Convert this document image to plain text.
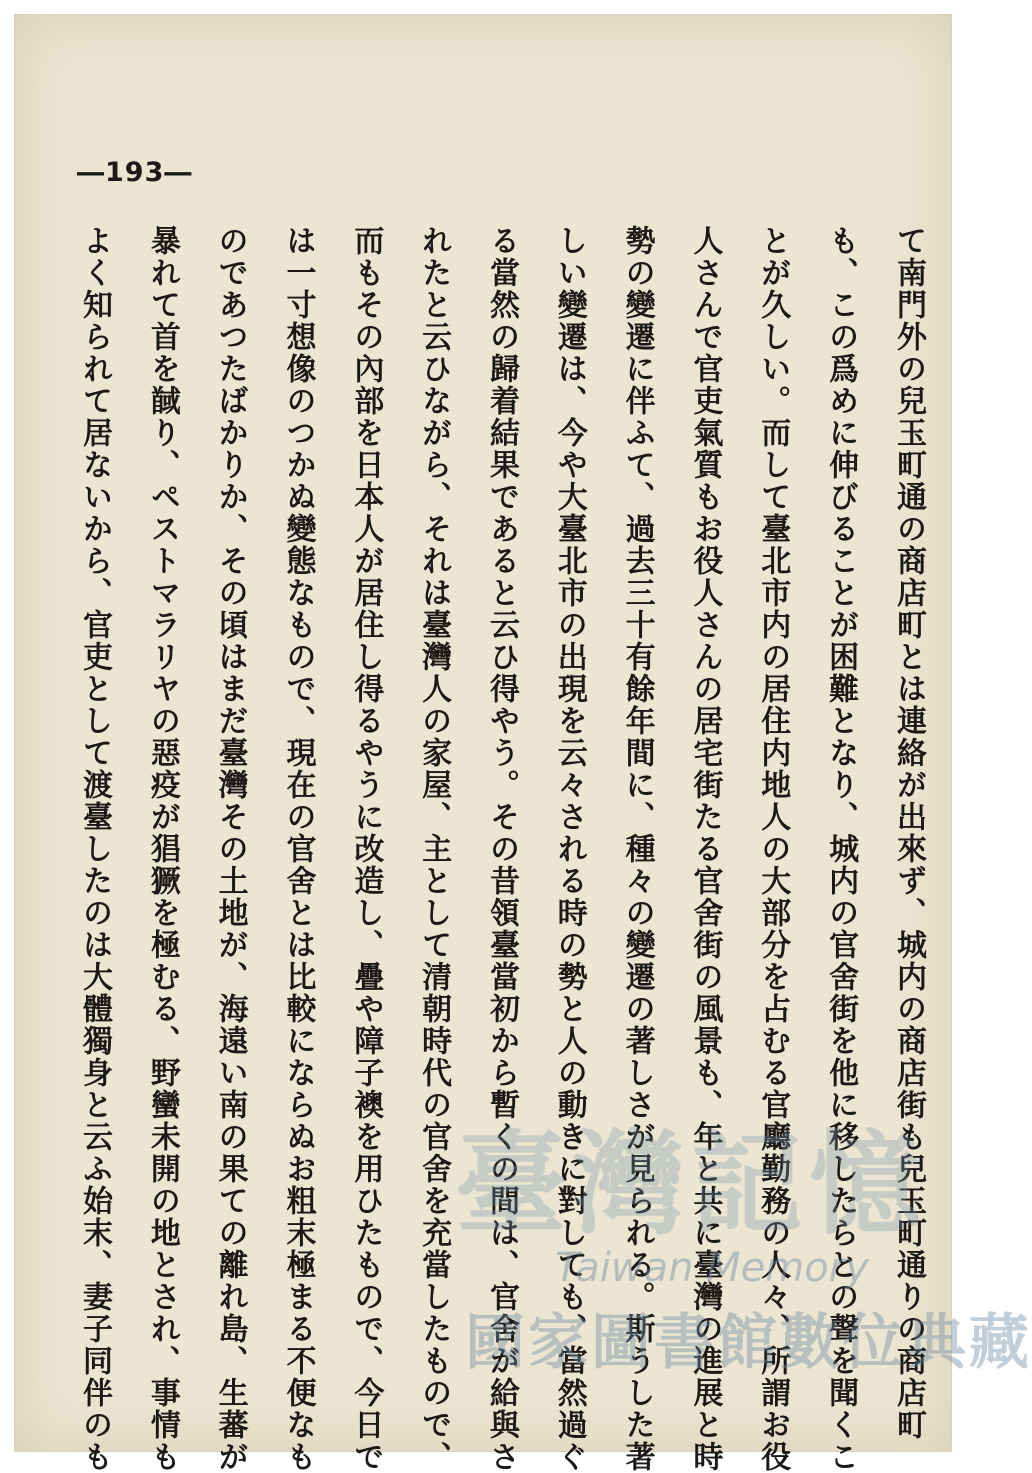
―193―
て南門外の兒玉町通の商店町とは連絡が出來ず、城内の商店街も兒玉町通りの商店町
も、この爲めに伸びることが困難となり、城内の官舍街を他に移したらとの聲を聞くこ
とが久しい。而して臺北市内の居住内地人の大部分を占むる官廳勤務の人々、所謂お役
人さんで官吏氣質もお役人さんの居宅街たる官舍街の風景も、年と共に臺灣の進展と時
勢の變遷に伴ふて、過去三十有餘年間に、種々の變遷の著しさが見られる。斯うした著
しい變遷は、今や大臺北市の出現を云々される時の勢と人の動きに對しても、當然過ぐ
る當然の歸着結果であると云ひ得やう。その昔領臺當初から暫くの間は、官舍が給與さ
れたと云ひながら、それは臺灣人の家屋、主として清朝時代の官舍を充當したもので、
而もその內部を日本人が居住し得るやうに改造し、疊や障子襖を用ひたもので、今日で
は一寸想像のつかぬ變態なもので、現在の官舍とは比較にならぬお粗末極まる不便なも
のであつたばかりか、その頃はまだ臺灣その土地が、海遠い南の果ての離れ島、生蕃が
暴れて首を馘り、ペストマラリヤの惡疫が猖獗を極むる、野蠻未開の地とされ、事情も
よく知られて居ないから、官吏として渡臺したのは大體獨身と云ふ始末、妻子同伴のも	臺灣記憶
Taiwan Memory
國家圖書館數位典藏
